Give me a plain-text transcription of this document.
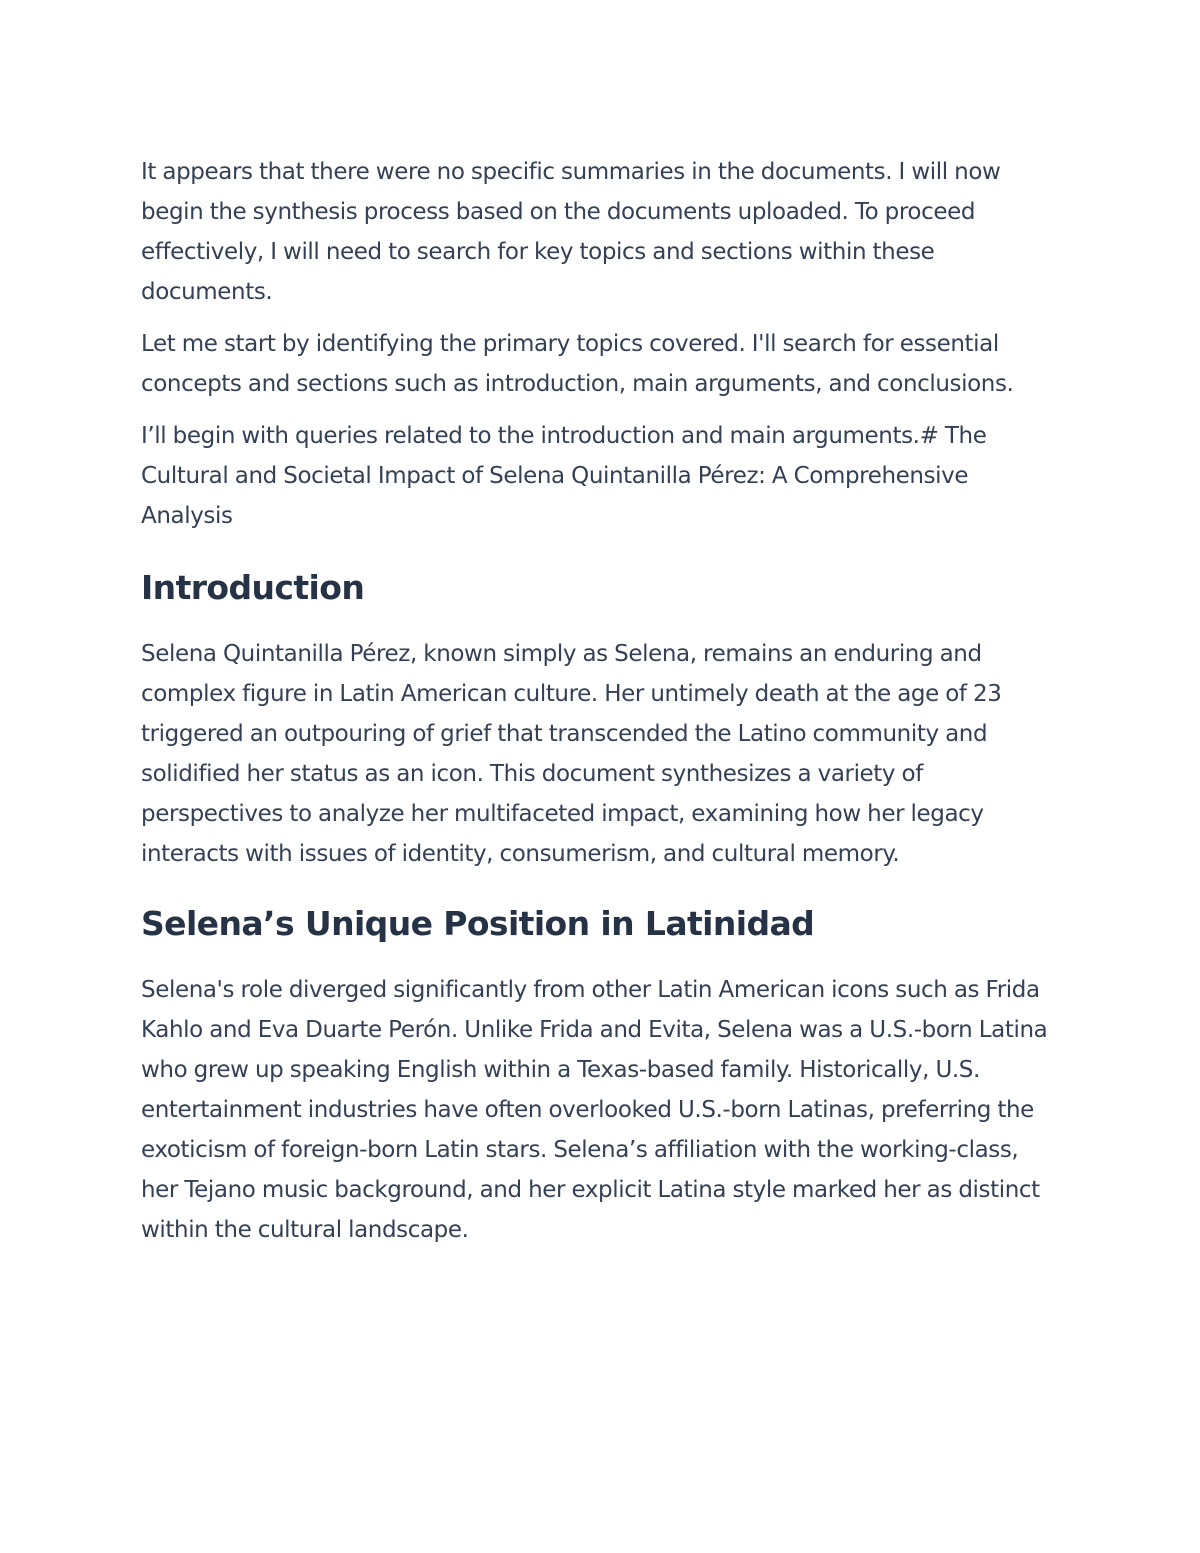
It appears that there were no specific summaries in the documents. I will now begin the synthesis process based on the documents uploaded. To proceed effectively, I will need to search for key topics and sections within these documents.

Let me start by identifying the primary topics covered. I'll search for essential concepts and sections such as introduction, main arguments, and conclusions.

I’ll begin with queries related to the introduction and main arguments.# The Cultural and Societal Impact of Selena Quintanilla Pérez: A Comprehensive Analysis

Introduction

Selena Quintanilla Pérez, known simply as Selena, remains an enduring and complex figure in Latin American culture. Her untimely death at the age of 23 triggered an outpouring of grief that transcended the Latino community and solidified her status as an icon. This document synthesizes a variety of perspectives to analyze her multifaceted impact, examining how her legacy interacts with issues of identity, consumerism, and cultural memory.

Selena’s Unique Position in Latinidad

Selena's role diverged significantly from other Latin American icons such as Frida Kahlo and Eva Duarte Perón. Unlike Frida and Evita, Selena was a U.S.-born Latina who grew up speaking English within a Texas-based family. Historically, U.S. entertainment industries have often overlooked U.S.-born Latinas, preferring the exoticism of foreign-born Latin stars. Selena’s affiliation with the working-class, her Tejano music background, and her explicit Latina style marked her as distinct within the cultural landscape.
